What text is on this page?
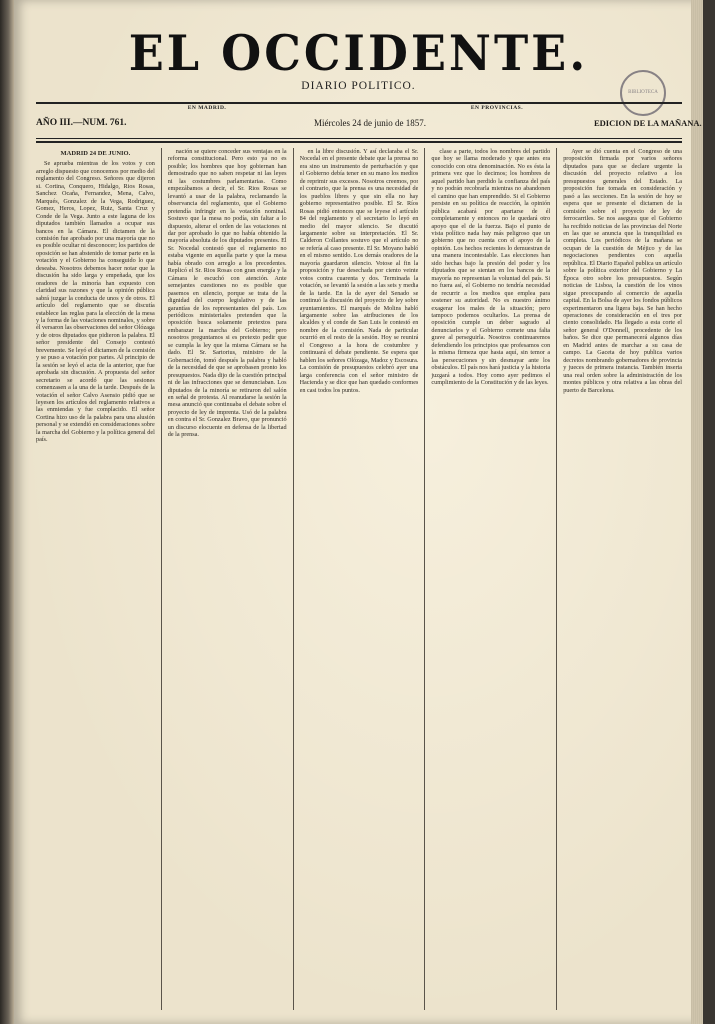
EL OCCIDENTE.
DIARIO POLITICO.
BIBLIOTECA
AÑO III.—NUM. 761.
EN MADRID.
Miércoles 24 de junio de 1857.
EN PROVINCIAS.
EDICION DE LA MAÑANA.

MADRID 24 DE JUNIO.

Se aprueba mientras de los votos y con arreglo dispuesto que conocemos por medio del reglamento del Congreso. Señores que dijeron si. Cortina, Conquero, Hidalgo, Rios Rosas, Sanchez Ocaña, Fernandez, Mena, Calvo, Marqués, Gonzalez de la Vega, Rodriguez, Gomez, Heros, Lopez, Ruiz, Santa Cruz y Conde de la Vega. Junto a este laguna de los diputados también llamados a ocupar sus bancos en la Cámara. El dictamen de la comisión fue aprobado por una mayoría que no es posible ocultar ni desconocer; los partidos de oposición se han abstenido de tomar parte en la votación y el Gobierno ha conseguido lo que deseaba. Nosotros debemos hacer notar que la discusión ha sido larga y empeñada, que los oradores de la minoría han expuesto con claridad sus razones y que la opinión pública sabrá juzgar la conducta de unos y de otros. El artículo del reglamento que se discutía establece las reglas para la elección de la mesa y la forma de las votaciones nominales, y sobre él versaron las observaciones del señor Olózaga y de otros diputados que pidieron la palabra. El señor presidente del Consejo contestó brevemente. Se leyó el dictamen de la comisión y se puso a votación por partes. Al principio de la sesión se leyó el acta de la anterior, que fue aprobada sin discusión. A propuesta del señor secretario se acordó que las sesiones comenzasen a la una de la tarde. Después de la votación el señor Calvo Asensio pidió que se leyesen los artículos del reglamento relativos a las enmiendas y fue complacido. El señor Cortina hizo uso de la palabra para una alusión personal y se extendió en consideraciones sobre la marcha del Gobierno y la política general del país.

nación se quiere conceder sus ventajas en la reforma constitucional. Pero esto ya no es posible; los hombres que hoy gobiernan han demostrado que no saben respetar ni las leyes ni las costumbres parlamentarias. Como empezábamos a decir, el Sr. Rios Rosas se levantó a usar de la palabra, reclamando la observancia del reglamento, que el Gobierno pretendía infringir en la votación nominal. Sostuvo que la mesa no podía, sin faltar a lo dispuesto, alterar el orden de las votaciones ni dar por aprobado lo que no había obtenido la mayoría absoluta de los diputados presentes. El Sr. Nocedal contestó que el reglamento no estaba vigente en aquella parte y que la mesa había obrado con arreglo a los precedentes. Replicó el Sr. Rios Rosas con gran energía y la Cámara le escuchó con atención. Ante semejantes cuestiones no es posible que pasemos en silencio, porque se trata de la dignidad del cuerpo legislativo y de las garantías de los representantes del país. Los periódicos ministeriales pretenden que la oposición busca solamente pretextos para embarazar la marcha del Gobierno; pero nosotros preguntamos si es pretexto pedir que se cumpla la ley que la misma Cámara se ha dado. El Sr. Sartorius, ministro de la Gobernación, tomó después la palabra y habló de la necesidad de que se aprobasen pronto los presupuestos. Nada dijo de la cuestión principal ni de las infracciones que se denunciaban. Los diputados de la minoría se retiraron del salón en señal de protesta. Al reanudarse la sesión la mesa anunció que continuaba el debate sobre el proyecto de ley de imprenta. Usó de la palabra en contra el Sr. Gonzalez Bravo, que pronunció un discurso elocuente en defensa de la libertad de la prensa.

en la libre discusión. Y así declaraba el Sr. Nocedal en el presente debate que la prensa no era sino un instrumento de perturbación y que el Gobierno debía tener en su mano los medios de reprimir sus excesos. Nosotros creemos, por el contrario, que la prensa es una necesidad de los pueblos libres y que sin ella no hay gobierno representativo posible. El Sr. Ríos Rosas pidió entonces que se leyese el artículo 84 del reglamento y el secretario lo leyó en medio del mayor silencio. Se discutió largamente sobre su interpretación. El Sr. Calderon Collantes sostuvo que el artículo no se refería al caso presente. El Sr. Moyano habló en el mismo sentido. Los demás oradores de la mayoría guardaron silencio. Votose al fin la proposición y fue desechada por ciento veinte votos contra cuarenta y dos. Terminada la votación, se levantó la sesión a las seis y media de la tarde. En la de ayer del Senado se continuó la discusión del proyecto de ley sobre ayuntamientos. El marqués de Molins habló largamente sobre las atribuciones de los alcaldes y el conde de San Luis le contestó en nombre de la comisión. Nada de particular ocurrió en el resto de la sesión. Hoy se reunirá el Congreso a la hora de costumbre y continuará el debate pendiente. Se espera que hablen los señores Olózaga, Madoz y Escosura. La comisión de presupuestos celebró ayer una larga conferencia con el señor ministro de Hacienda y se dice que han quedado conformes en casi todos los puntos.

clase a parte, todos los nombres del partido que hoy se llama moderado y que antes era conocido con otra denominación. No es ésta la primera vez que lo decimos; los hombres de aquel partido han perdido la confianza del país y no podrán recobrarla mientras no abandonen el camino que han emprendido. Si el Gobierno persiste en su política de reacción, la opinión pública acabará por apartarse de él completamente y entonces no le quedará otro apoyo que el de la fuerza. Bajo el punto de vista político nada hay más peligroso que un gobierno que no cuenta con el apoyo de la opinión. Los hechos recientes lo demuestran de una manera incontestable. Las elecciones han sido hechas bajo la presión del poder y los diputados que se sientan en los bancos de la mayoría no representan la voluntad del país. Si no fuera así, el Gobierno no tendría necesidad de recurrir a los medios que emplea para sostener su autoridad. No es nuestro ánimo exagerar los males de la situación; pero tampoco podemos ocultarlos. La prensa de oposición cumple un deber sagrado al denunciarlos y el Gobierno comete una falta grave al perseguirla. Nosotros continuaremos defendiendo los principios que profesamos con la misma firmeza que hasta aquí, sin temor a las persecuciones y sin desmayar ante los obstáculos. El país nos hará justicia y la historia juzgará a todos. Hoy como ayer pedimos el cumplimiento de la Constitución y de las leyes.

Ayer se dió cuenta en el Congreso de una proposición firmada por varios señores diputados para que se declare urgente la discusión del proyecto relativo a los presupuestos generales del Estado. La proposición fue tomada en consideración y pasó a las secciones. En la sesión de hoy se espera que se presente el dictamen de la comisión sobre el proyecto de ley de ferrocarriles. Se nos asegura que el Gobierno ha recibido noticias de las provincias del Norte en las que se anuncia que la tranquilidad es completa. Los periódicos de la mañana se ocupan de la cuestión de Méjico y de las negociaciones pendientes con aquella república. El Diario Español publica un artículo sobre la política exterior del Gobierno y La Época otro sobre los presupuestos. Según noticias de Lisboa, la cuestión de los vinos sigue preocupando al comercio de aquella capital. En la Bolsa de ayer los fondos públicos experimentaron una ligera baja. Se han hecho operaciones de consideración en el tres por ciento consolidado. Ha llegado a esta corte el señor general O'Donnell, procedente de los baños. Se dice que permanecerá algunos días en Madrid antes de marchar a su casa de campo. La Gaceta de hoy publica varios decretos nombrando gobernadores de provincia y jueces de primera instancia. También inserta una real orden sobre la administración de los montes públicos y otra relativa a las obras del puerto de Barcelona.
